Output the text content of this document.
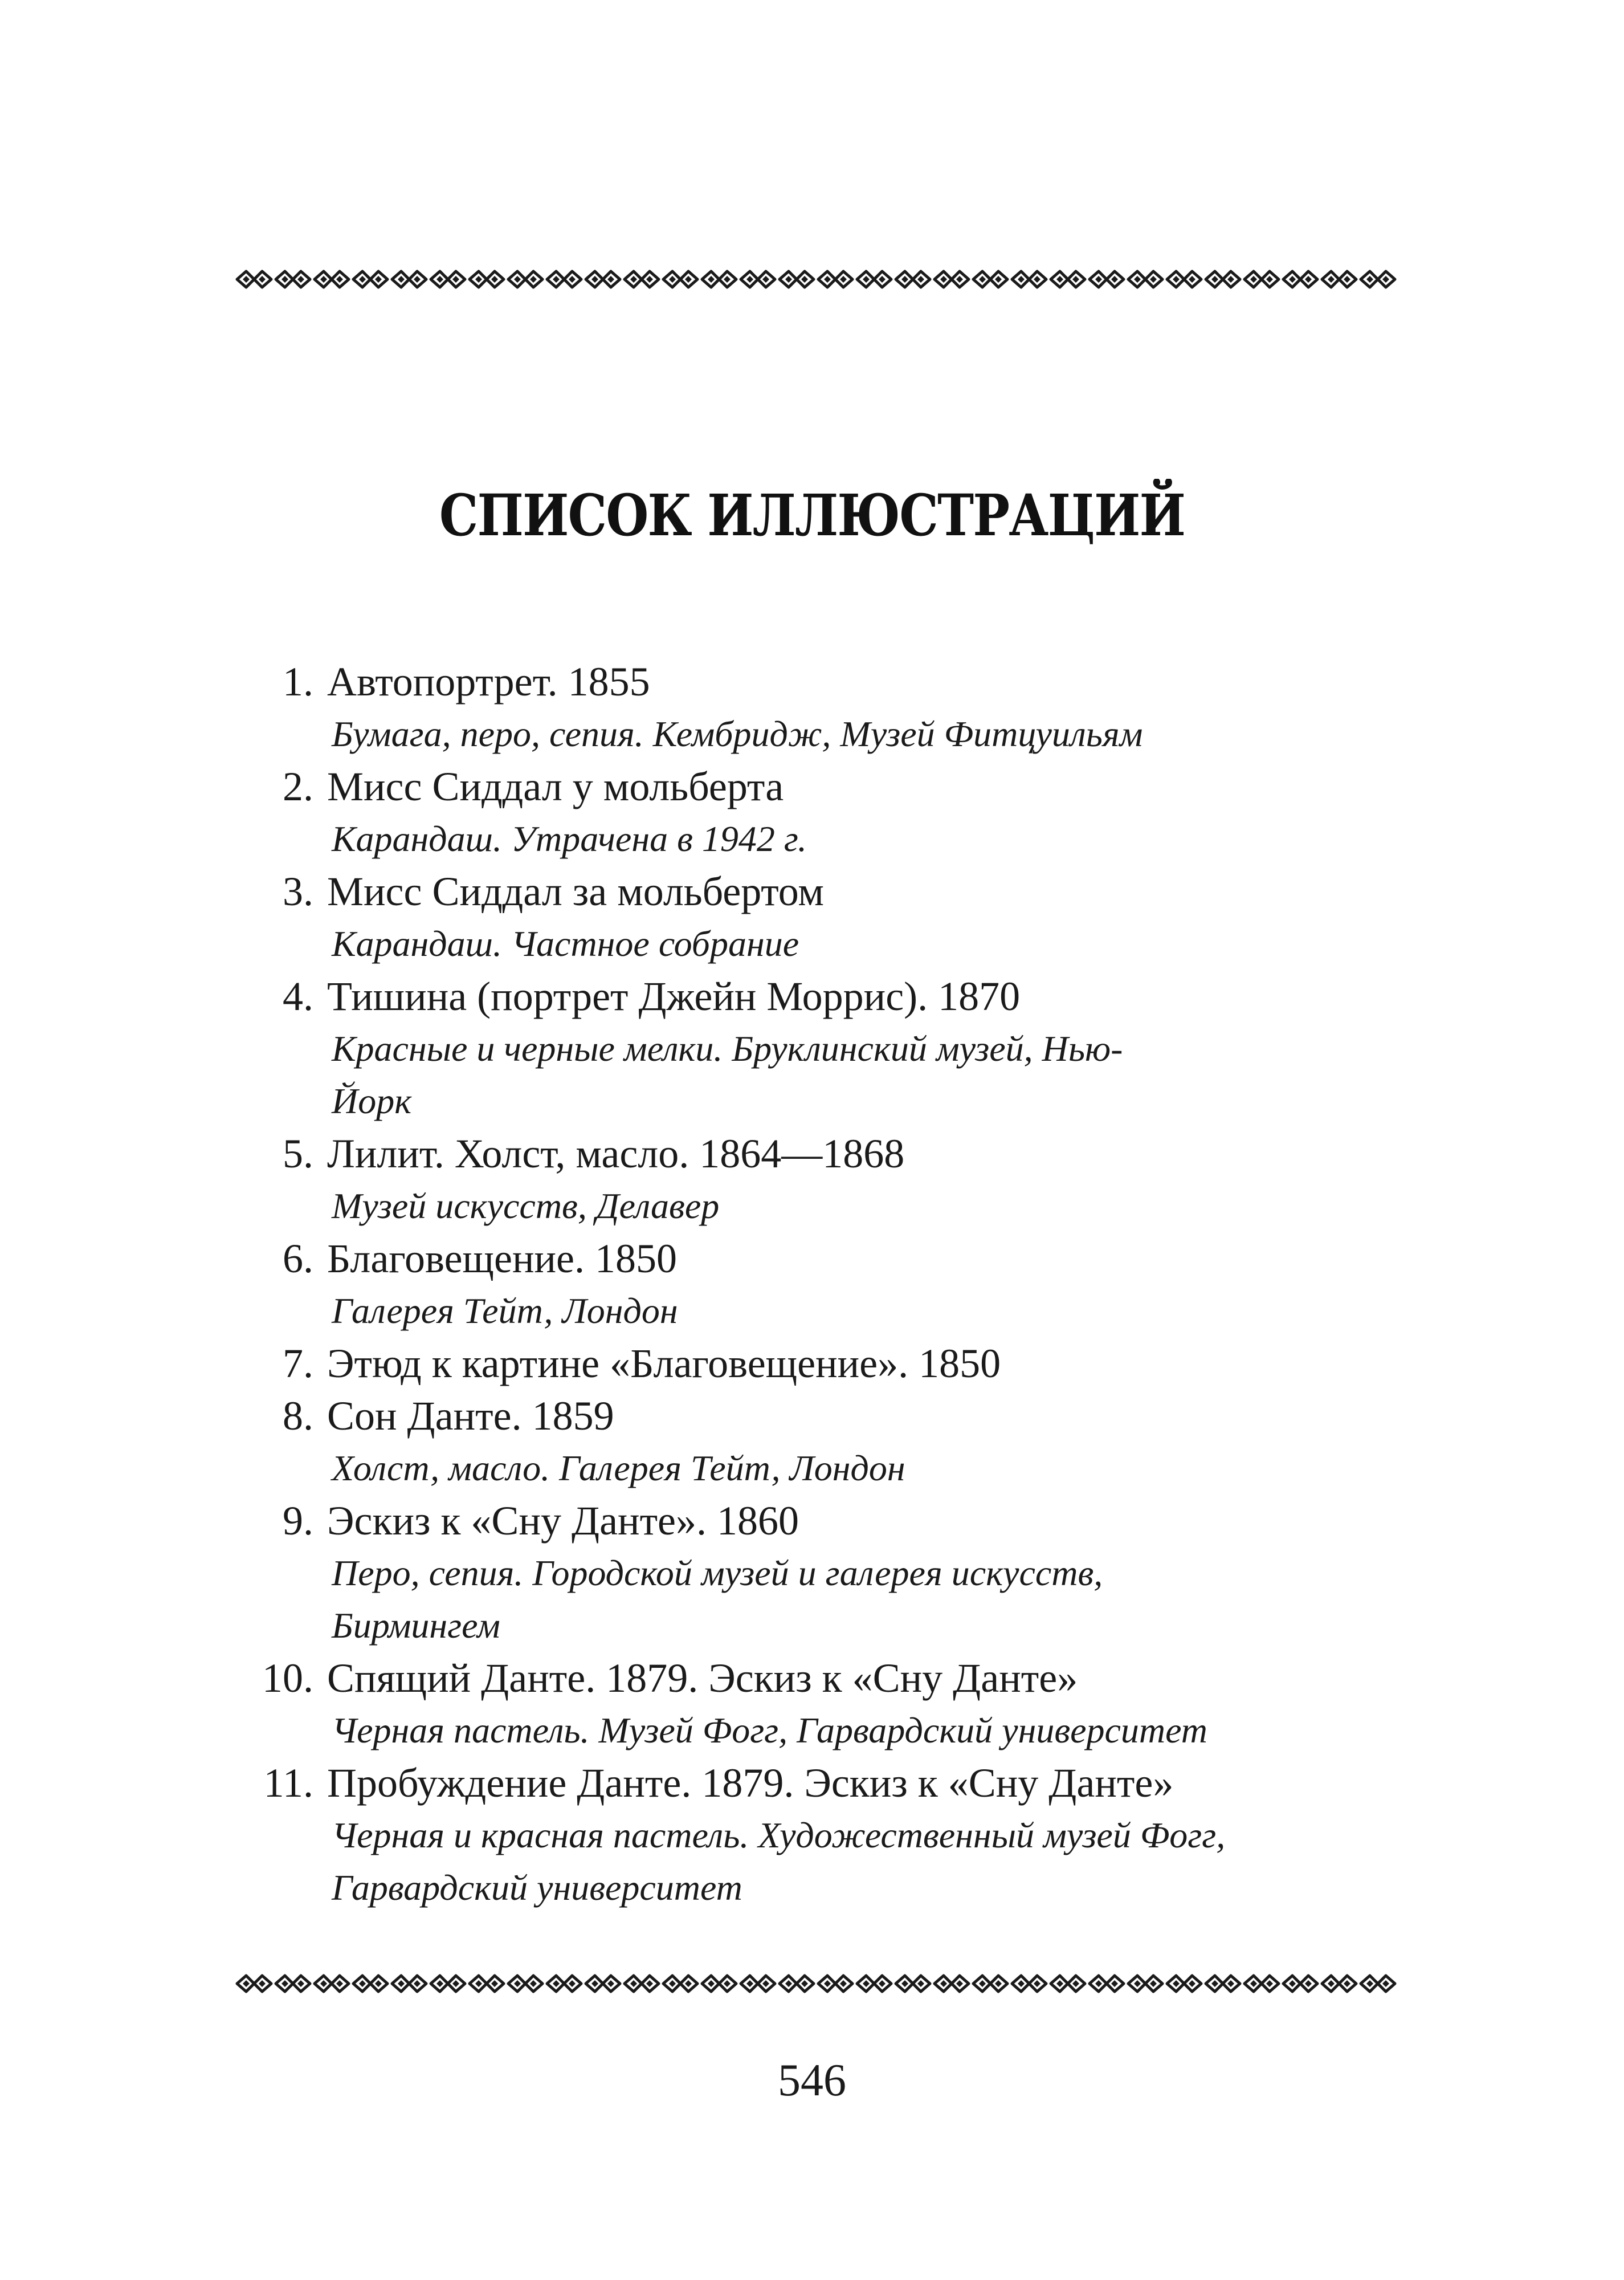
СПИСОК ИЛЛЮСТРАЦИЙ
1. Автопортрет. 1855
Бумага, перо, сепия. Кембридж, Музей Фитцуильям
2. Мисс Сиддал у мольберта
Карандаш. Утрачена в 1942 г.
3. Мисс Сиддал за мольбертом
Карандаш. Частное собрание
4. Тишина (портрет Джейн Моррис). 1870
Красные и черные мелки. Бруклинский музей, Нью-Йорк
5. Лилит. Холст, масло. 1864—1868
Музей искусств, Делавер
6. Благовещение. 1850
Галерея Тейт, Лондон
7. Этюд к картине «Благовещение». 1850
8. Сон Данте. 1859
Холст, масло. Галерея Тейт, Лондон
9. Эскиз к «Сну Данте». 1860
Перо, сепия. Городской музей и галерея искусств, Бирмингем
10. Спящий Данте. 1879. Эскиз к «Сну Данте»
Черная пастель. Музей Фогг, Гарвардский университет
11. Пробуждение Данте. 1879. Эскиз к «Сну Данте»
Черная и красная пастель. Художественный музей Фогг, Гарвардский университет
546
